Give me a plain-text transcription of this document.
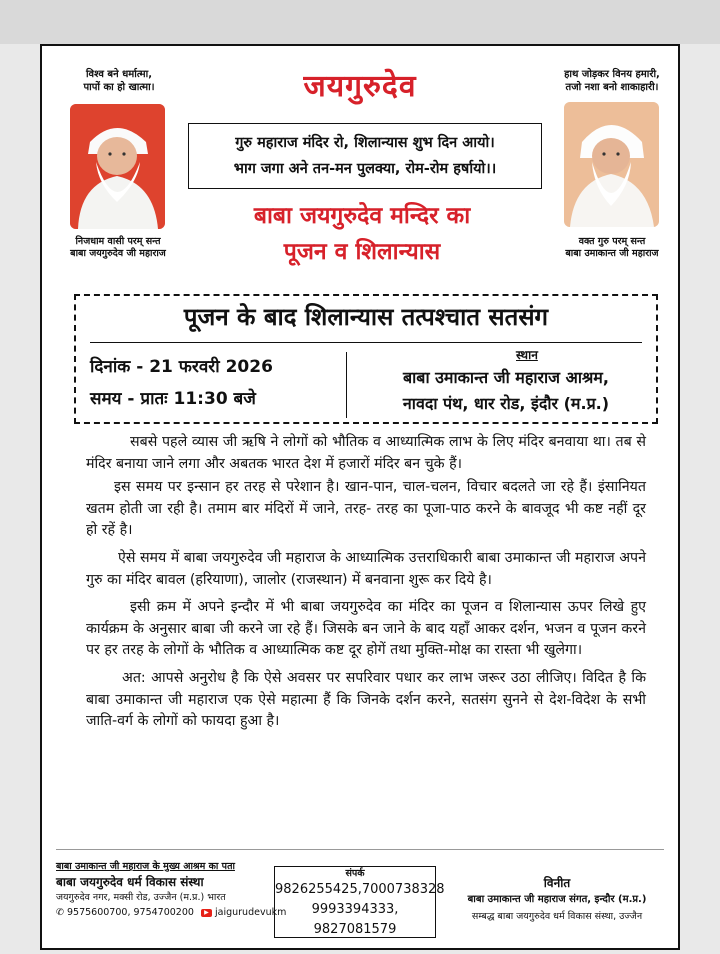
विश्व बने धर्मात्मा,
पापों का हो खात्मा।
हाथ जोड़कर विनय हमारी,
तजो नशा बनो शाकाहारी।
निजधाम वासी परम् सन्त
बाबा जयगुरुदेव जी महाराज
वक्त गुरु परम् सन्त
बाबा उमाकान्त जी महाराज
जयगुरुदेव
गुरु महाराज मंदिर रो, शिलान्यास शुभ दिन आयो।
भाग जगा अने तन-मन पुलक्या, रोम-रोम हर्षायो।।
बाबा जयगुरुदेव मन्दिर का
पूजन व शिलान्यास
पूजन के बाद शिलान्यास तत्पश्चात सतसंग
दिनांक - 21 फरवरी 2026
समय - प्रातः 11:30 बजे
स्थान
बाबा उमाकान्त जी महाराज आश्रम,
नावदा पंथ, धार रोड, इंदौर (म.प्र.)

सबसे पहले व्यास जी ऋषि ने लोगों को भौतिक व आध्यात्मिक लाभ के लिए मंदिर बनवाया था। तब से मंदिर बनाया जाने लगा और अबतक भारत देश में हजारों मंदिर बन चुके हैं।

इस समय पर इन्सान हर तरह से परेशान है। खान-पान, चाल-चलन, विचार बदलते जा रहे हैं। इंसानियत खतम होती जा रही है। तमाम बार मंदिरों में जाने, तरह- तरह का पूजा-पाठ करने के बावजूद भी कष्ट नहीं दूर हो रहें है।

ऐसे समय में बाबा जयगुरुदेव जी महाराज के आध्यात्मिक उत्तराधिकारी बाबा उमाकान्त जी महाराज अपने गुरु का मंदिर बावल (हरियाणा), जालोर (राजस्थान) में बनवाना शुरू कर दिये है।

इसी क्रम में अपने इन्दौर में भी बाबा जयगुरुदेव का मंदिर का पूजन व शिलान्यास ऊपर लिखे हुए कार्यक्रम के अनुसार बाबा जी करने जा रहे हैं। जिसके बन जाने के बाद यहाँ आकर दर्शन, भजन व पूजन करने पर हर तरह के लोगों के भौतिक व आध्यात्मिक कष्ट दूर होगें तथा मुक्ति-मोक्ष का रास्ता भी खुलेगा।

अत: आपसे अनुरोध है कि ऐसे अवसर पर सपरिवार पधार कर लाभ जरूर उठा लीजिए। विदित है कि बाबा उमाकान्त जी महाराज एक ऐसे महात्मा हैं कि जिनके दर्शन करने, सतसंग सुनने से देश-विदेश के सभी जाति-वर्ग के लोगों को फायदा हुआ है।

बाबा उमाकान्त जी महाराज के मुख्य आश्रम का पता
बाबा जयगुरुदेव धर्म विकास संस्था
जयगुरुदेव नगर, मक्सी रोड, उज्जैन (म.प्र.) भारत
✆ 9575600700, 9754700200 ▶ jaigurudevukm
संपर्क
9826255425,7000738328
9993394333, 9827081579
विनीत
बाबा उमाकान्त जी महाराज संगत, इन्दौर (म.प्र.)
सम्बद्ध बाबा जयगुरुदेव धर्म विकास संस्था, उज्जैन
